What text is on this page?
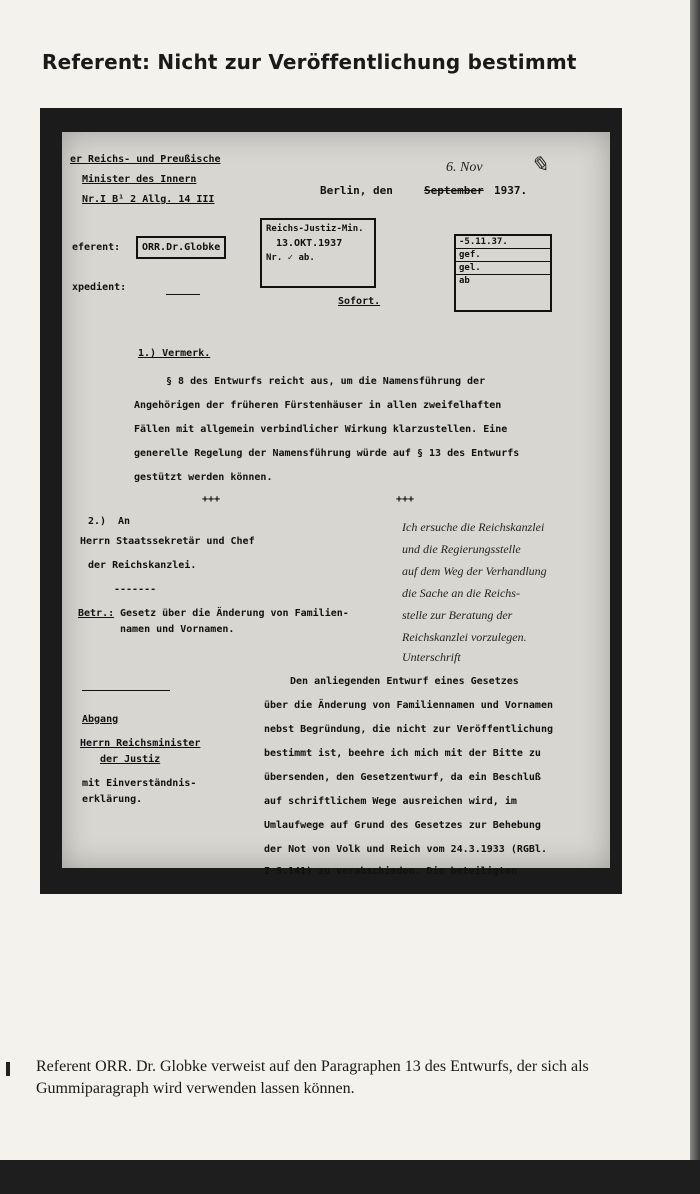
Referent: Nicht zur Veröffentlichung bestimmt
er Reichs- und Preußische
Minister des Innern
Nr.I B¹ 2 Allg. 14 III
eferent:	ORR.Dr.Globke
xpedient:
6. Nov
Berlin, den	September 1937.
✎
Reichs-Justiz-Min.
13.OKT.1937
Nr. ✓ ab.
-5.11.37.
gef.
gel.
ab
Sofort.
1.) Vermerk.
§ 8 des Entwurfs reicht aus, um die Namensführung der
Angehörigen der früheren Fürstenhäuser in allen zweifelhaften
Fällen mit allgemein verbindlicher Wirkung klarzustellen. Eine
generelle Regelung der Namensführung würde auf § 13 des Entwurfs
gestützt werden können.
+++	+++
2.) An
Herrn Staatssekretär und Chef
der Reichskanzlei.
-------
Betr.: Gesetz über die Änderung von Familien-
namen und Vornamen.
Ich ersuche die Reichskanzlei
und die Regierungsstelle
auf dem Weg der Verhandlung
die Sache an die Reichs-
stelle zur Beratung der
Reichskanzlei vorzulegen.
Unterschrift
Den anliegenden Entwurf eines Gesetzes
über die Änderung von Familiennamen und Vornamen
nebst Begründung, die nicht zur Veröffentlichung
bestimmt ist, beehre ich mich mit der Bitte zu
übersenden, den Gesetzentwurf, da ein Beschluß
auf schriftlichem Wege ausreichen wird, im
Umlaufwege auf Grund des Gesetzes zur Behebung
der Not von Volk und Reich vom 24.3.1933 (RGBl.
I S.141) zu verabschieden. Die beteiligten
Abgang
Herrn Reichsminister
der Justiz
mit Einverständnis-
erklärung.
Referent ORR. Dr. Globke verweist auf den Paragraphen 13 des Entwurfs, der sich als Gummiparagraph wird verwenden lassen können.
